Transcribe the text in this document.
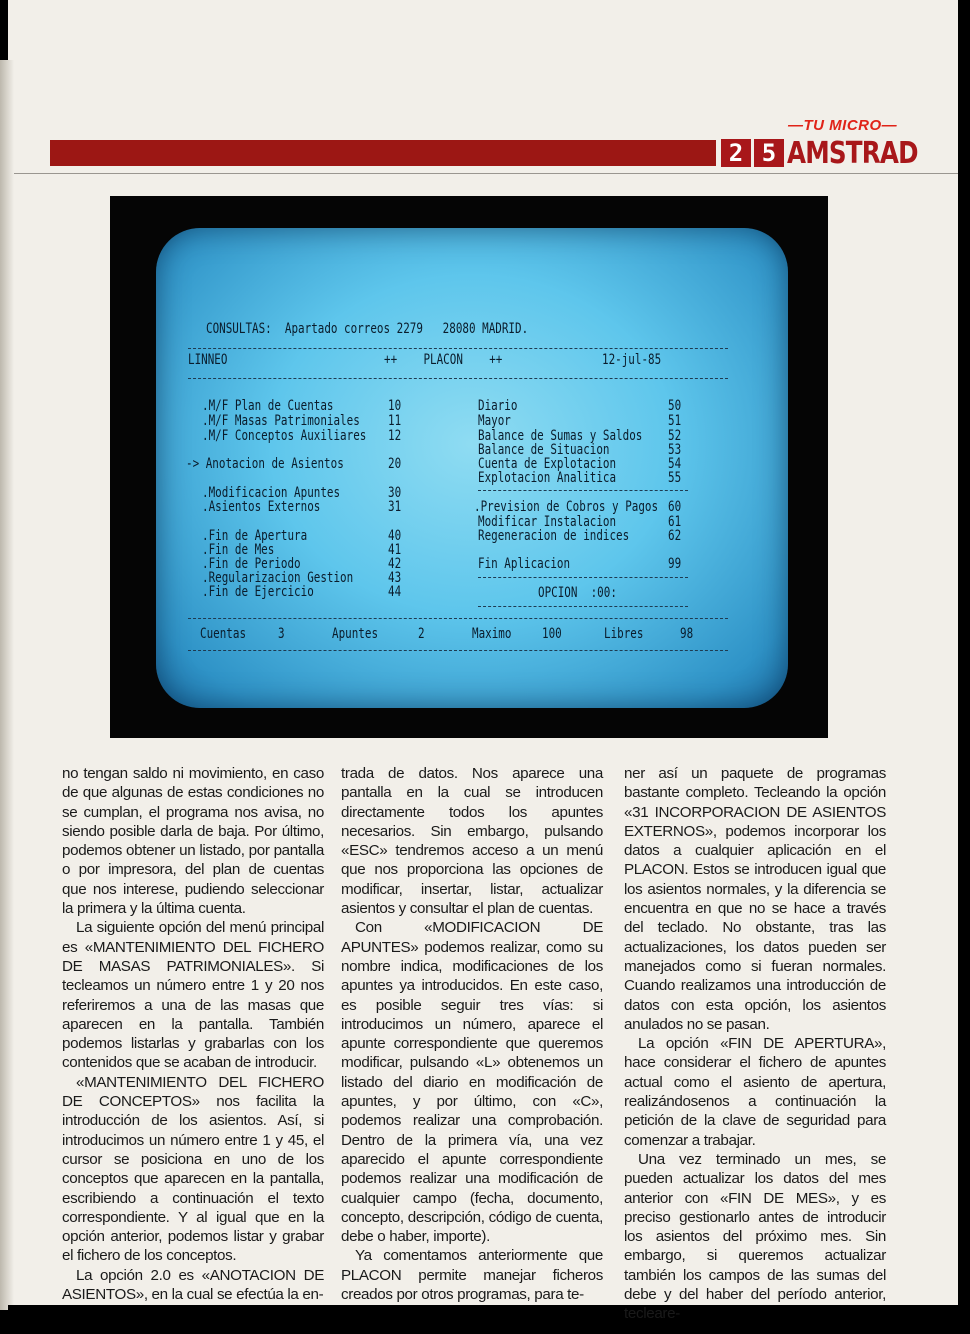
—TU MICRO—
2 5 AMSTRAD
CONSULTAS:  Apartado correos 2279   28080 MADRID.
LINNEO	++    PLACON    ++	12-jul-85
.M/F Plan de Cuentas	10
.M/F Masas Patrimoniales 11
.M/F Conceptos Auxiliares 12
-> Anotacion de Asientos	20
.Modificacion Apuntes	30
.Asientos Externos	31
.Fin de Apertura	40
.Fin de Mes	41
.Fin de Periodo	42
.Regularizacion Gestion 43
.Fin de Ejercicio	44
Diario	50
Mayor	51
Balance de Sumas y Saldos 52
Balance de Situacion	53
Cuenta de Explotacion	54
Explotacion Analitica	55
.Prevision de Cobros y Pagos 60
Modificar Instalacion	61
Regeneracion de indices	62
Fin Aplicacion	99
OPCION  :00:
Cuentas 3	Apuntes	2	Maximo 100	Libres	98

no tengan saldo ni movimiento, en caso de que algunas de estas condiciones no se cumplan, el programa nos avisa, no siendo posible darla de baja. Por último, podemos obtener un listado, por pantalla o por impresora, del plan de cuentas que nos interese, pudiendo seleccionar la primera y la última cuenta.

La siguiente opción del menú principal es «MANTENIMIENTO DEL FICHERO DE MASAS PATRIMONIALES». Si tecleamos un número entre 1 y 20 nos referiremos a una de las masas que aparecen en la pantalla. También podemos listarlas y grabarlas con los contenidos que se acaban de introducir.

«MANTENIMIENTO DEL FICHERO DE CONCEPTOS» nos facilita la introducción de los asientos. Así, si introducimos un número entre 1 y 45, el cursor se posiciona en uno de los conceptos que aparecen en la pantalla, escribiendo a continuación el texto correspondiente. Y al igual que en la opción anterior, podemos listar y grabar el fichero de los conceptos.

La opción 2.0 es «ANOTACION DE ASIENTOS», en la cual se efectúa la en-

trada de datos. Nos aparece una pantalla en la cual se introducen directamente todos los apuntes necesarios. Sin embargo, pulsando «ESC» tendremos acceso a un menú que nos proporciona las opciones de modificar, insertar, listar, actualizar asientos y consultar el plan de cuentas.

Con «MODIFICACION DE APUNTES» podemos realizar, como su nombre indica, modificaciones de los apuntes ya introducidos. En este caso, es posible seguir tres vías: si introducimos un número, aparece el apunte correspondiente que queremos modificar, pulsando «L» obtenemos un listado del diario en modificación de apuntes, y por último, con «C», podemos realizar una comprobación. Dentro de la primera vía, una vez aparecido el apunte correspondiente podemos realizar una modificación de cualquier campo (fecha, documento, concepto, descripción, código de cuenta, debe o haber, importe).

Ya comentamos anteriormente que PLACON permite manejar ficheros creados por otros programas, para te-

ner así un paquete de programas bastante completo. Tecleando la opción «31 INCORPORACION DE ASIENTOS EXTERNOS», podemos incorporar los datos a cualquier aplicación en el PLACON. Estos se introducen igual que los asientos normales, y la diferencia se encuentra en que no se hace a través del teclado. No obstante, tras las actualizaciones, los datos pueden ser manejados como si fueran normales. Cuando realizamos una introducción de datos con esta opción, los asientos anulados no se pasan.

La opción «FIN DE APERTURA», hace considerar el fichero de apuntes actual como el asiento de apertura, realizándosenos a continuación la petición de la clave de seguridad para comenzar a trabajar.

Una vez terminado un mes, se pueden actualizar los datos del mes anterior con «FIN DE MES», y es preciso gestionarlo antes de introducir los asientos del próximo mes. Sin embargo, si queremos actualizar también los campos de las sumas del debe y del haber del período anterior, tecleare-
